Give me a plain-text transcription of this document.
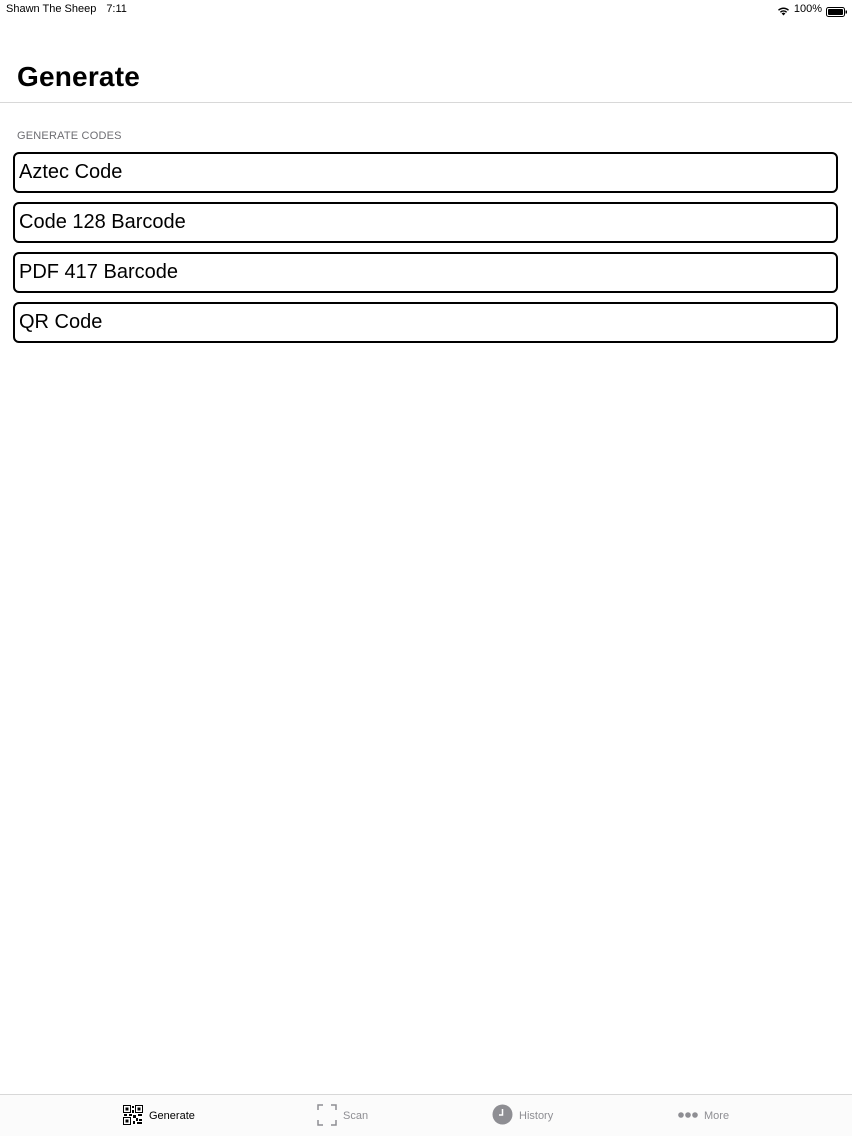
Shawn The Sheep 7:11	100%
Generate
GENERATE CODES
Aztec Code
Code 128 Barcode
PDF 417 Barcode
QR Code
Generate	Scan	History	More
